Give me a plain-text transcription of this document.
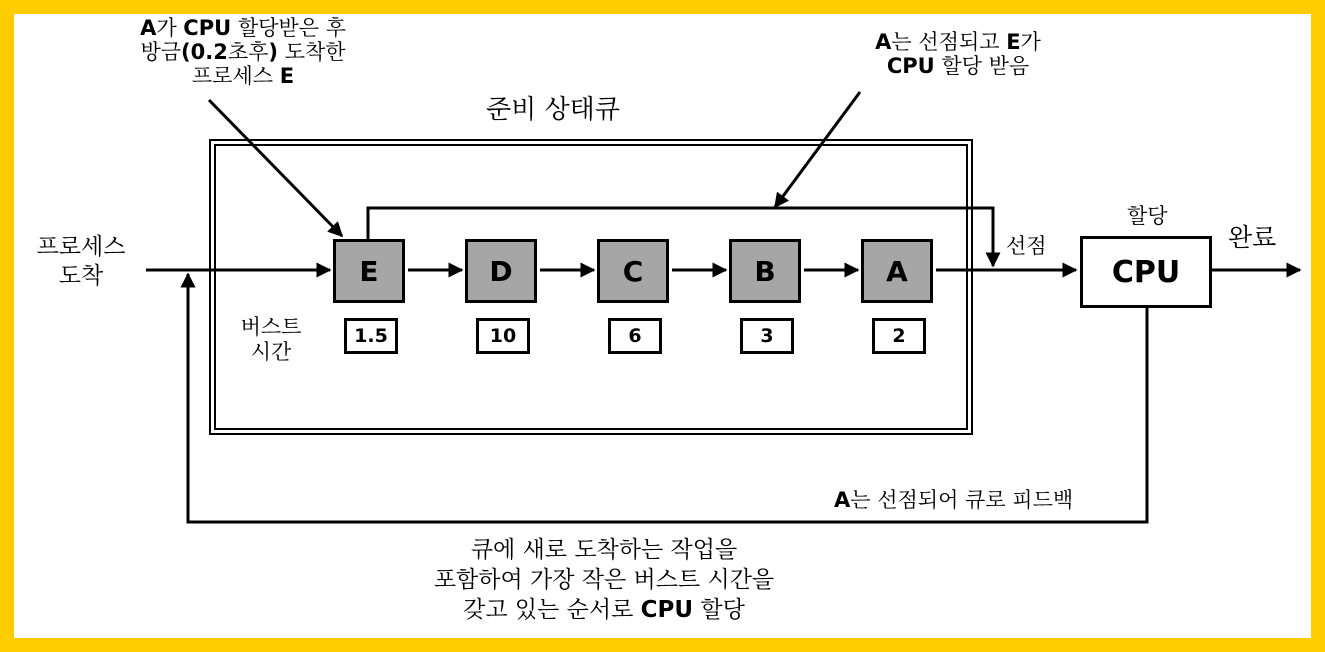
A가 CPU 할당받은 후
방금(0.2초후) 도착한
프로세스 E
A는 선점되고 E가
CPU 할당 받음
준비 상태큐
프로세스
도착
버스트
시간
E	D	C	B	A
1.5	10	6	3	2
선점
할당
CPU
완료
A는 선점되어 큐로 피드백
큐에 새로 도착하는 작업을
포함하여 가장 작은 버스트 시간을
갖고 있는 순서로 CPU 할당
